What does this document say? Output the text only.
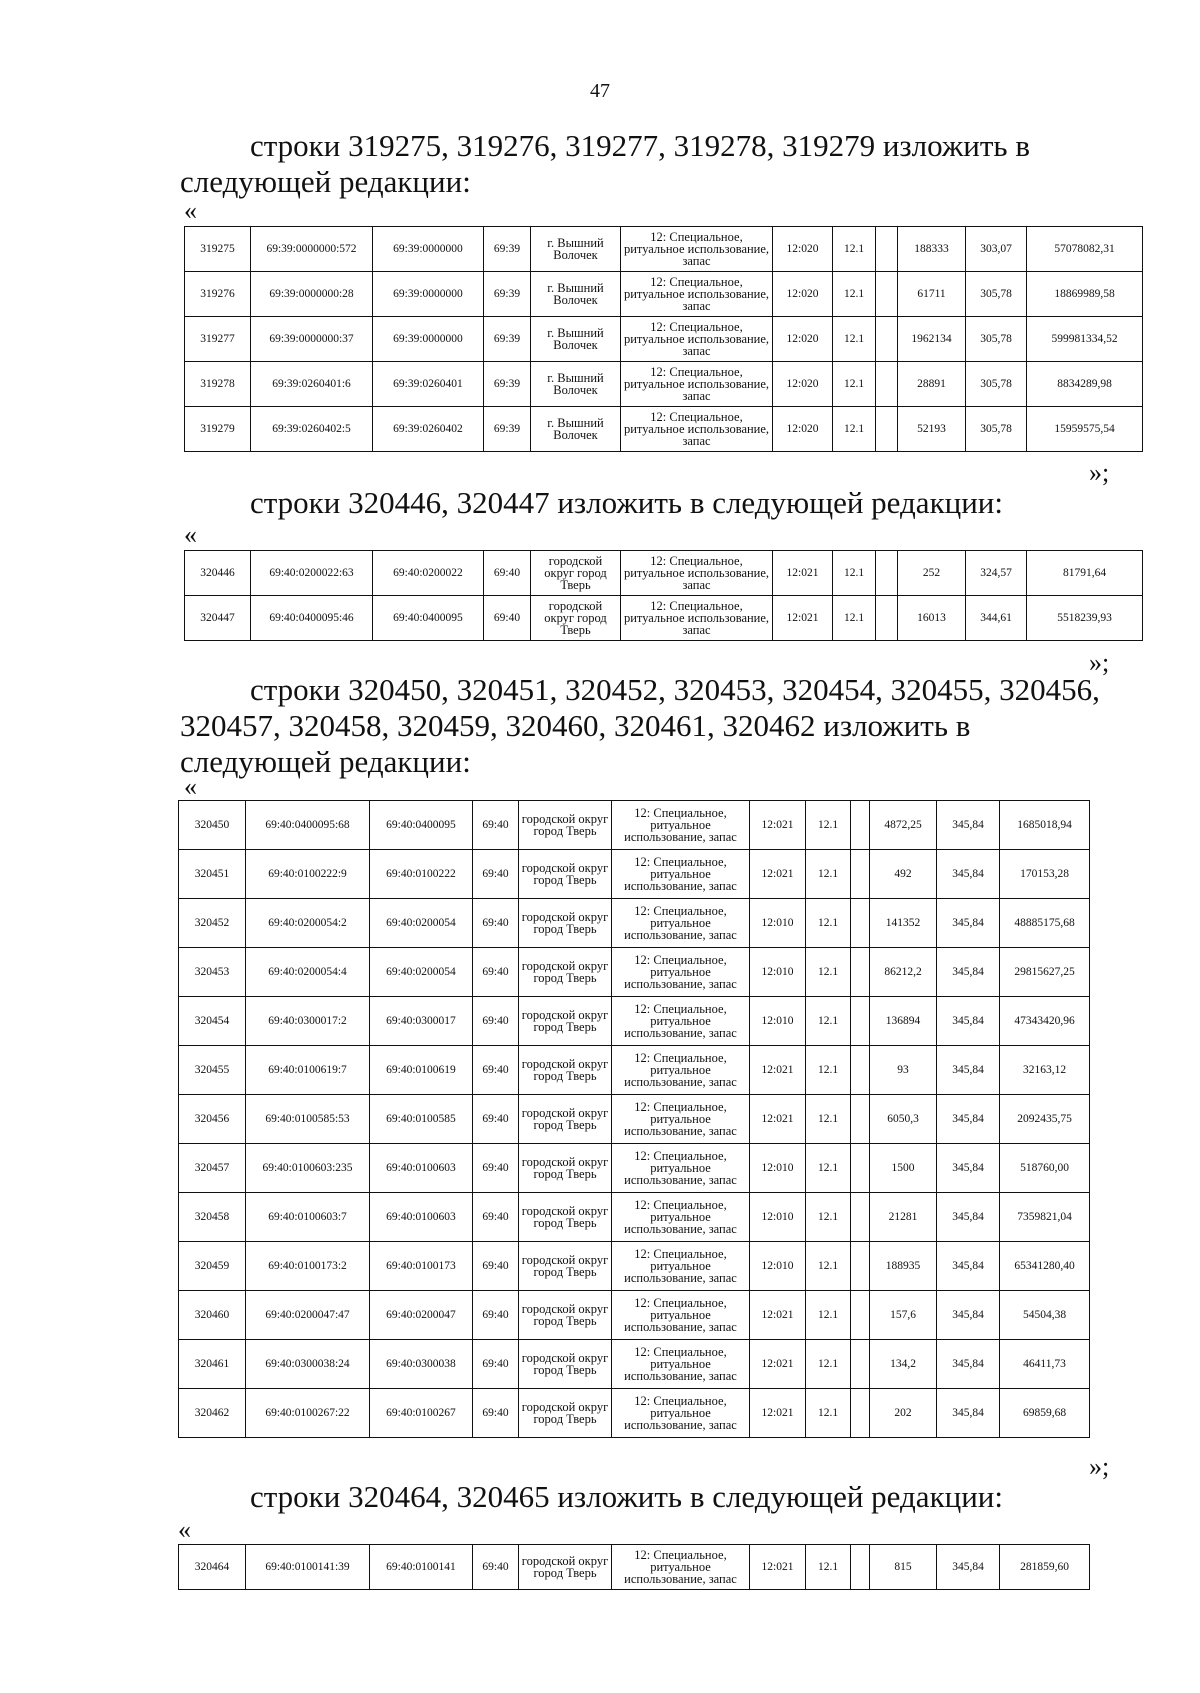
47
строки 319275, 319276, 319277, 319278, 319279 изложить в следующей редакции:
«
319275	69:39:0000000:572	69:39:0000000	69:39	г. Вышний Волочек	12: Специальное, ритуальное использование, запас	12:020	12.1		188333	303,07	57078082,31
319276	69:39:0000000:28	69:39:0000000	69:39	г. Вышний Волочек	12: Специальное, ритуальное использование, запас	12:020	12.1		61711	305,78	18869989,58
319277	69:39:0000000:37	69:39:0000000	69:39	г. Вышний Волочек	12: Специальное, ритуальное использование, запас	12:020	12.1		1962134	305,78	599981334,52
319278	69:39:0260401:6	69:39:0260401	69:39	г. Вышний Волочек	12: Специальное, ритуальное использование, запас	12:020	12.1		28891	305,78	8834289,98
319279	69:39:0260402:5	69:39:0260402	69:39	г. Вышний Волочек	12: Специальное, ритуальное использование, запас	12:020	12.1		52193	305,78	15959575,54
»;
строки 320446, 320447 изложить в следующей редакции:
«
320446	69:40:0200022:63	69:40:0200022	69:40	городской округ город Тверь	12: Специальное, ритуальное использование, запас	12:021	12.1		252	324,57	81791,64
320447	69:40:0400095:46	69:40:0400095	69:40	городской округ город Тверь	12: Специальное, ритуальное использование, запас	12:021	12.1		16013	344,61	5518239,93
»;
строки 320450, 320451, 320452, 320453, 320454, 320455, 320456, 320457, 320458, 320459, 320460, 320461, 320462 изложить в следующей редакции:
«
320450	69:40:0400095:68	69:40:0400095	69:40	городской округ город Тверь	12: Специальное, ритуальное использование, запас	12:021	12.1		4872,25	345,84	1685018,94
320451	69:40:0100222:9	69:40:0100222	69:40	городской округ город Тверь	12: Специальное, ритуальное использование, запас	12:021	12.1		492	345,84	170153,28
320452	69:40:0200054:2	69:40:0200054	69:40	городской округ город Тверь	12: Специальное, ритуальное использование, запас	12:010	12.1		141352	345,84	48885175,68
320453	69:40:0200054:4	69:40:0200054	69:40	городской округ город Тверь	12: Специальное, ритуальное использование, запас	12:010	12.1		86212,2	345,84	29815627,25
320454	69:40:0300017:2	69:40:0300017	69:40	городской округ город Тверь	12: Специальное, ритуальное использование, запас	12:010	12.1		136894	345,84	47343420,96
320455	69:40:0100619:7	69:40:0100619	69:40	городской округ город Тверь	12: Специальное, ритуальное использование, запас	12:021	12.1		93	345,84	32163,12
320456	69:40:0100585:53	69:40:0100585	69:40	городской округ город Тверь	12: Специальное, ритуальное использование, запас	12:021	12.1		6050,3	345,84	2092435,75
320457	69:40:0100603:235	69:40:0100603	69:40	городской округ город Тверь	12: Специальное, ритуальное использование, запас	12:010	12.1		1500	345,84	518760,00
320458	69:40:0100603:7	69:40:0100603	69:40	городской округ город Тверь	12: Специальное, ритуальное использование, запас	12:010	12.1		21281	345,84	7359821,04
320459	69:40:0100173:2	69:40:0100173	69:40	городской округ город Тверь	12: Специальное, ритуальное использование, запас	12:010	12.1		188935	345,84	65341280,40
320460	69:40:0200047:47	69:40:0200047	69:40	городской округ город Тверь	12: Специальное, ритуальное использование, запас	12:021	12.1		157,6	345,84	54504,38
320461	69:40:0300038:24	69:40:0300038	69:40	городской округ город Тверь	12: Специальное, ритуальное использование, запас	12:021	12.1		134,2	345,84	46411,73
320462	69:40:0100267:22	69:40:0100267	69:40	городской округ город Тверь	12: Специальное, ритуальное использование, запас	12:021	12.1		202	345,84	69859,68
»;
строки 320464, 320465 изложить в следующей редакции:
«
320464	69:40:0100141:39	69:40:0100141	69:40	городской округ город Тверь	12: Специальное, ритуальное использование, запас	12:021	12.1		815	345,84	281859,60
